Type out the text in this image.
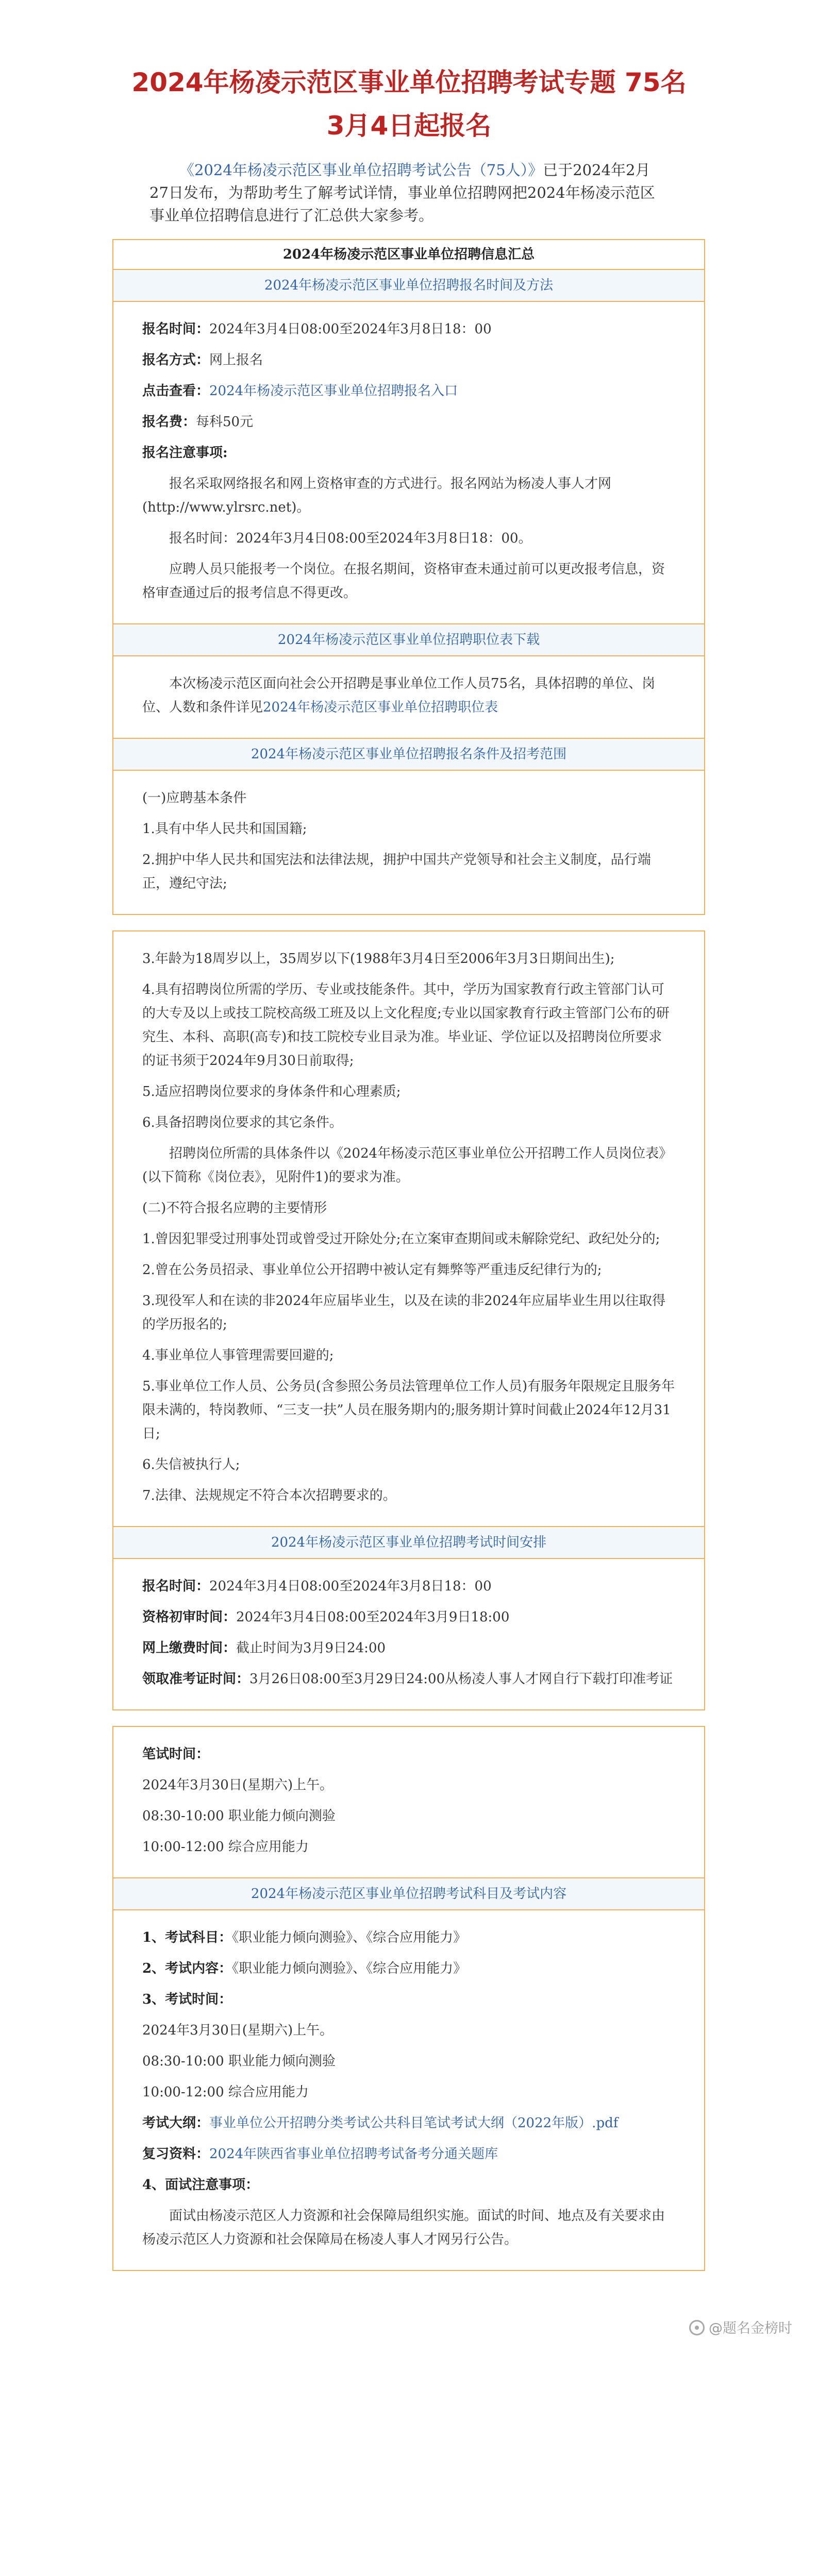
2024年杨凌示范区事业单位招聘考试专题 75名
3月4日起报名

《2024年杨凌示范区事业单位招聘考试公告（75人）》已于2024年2月27日发布，为帮助考生了解考试详情，事业单位招聘网把2024年杨凌示范区事业单位招聘信息进行了汇总供大家参考。

2024年杨凌示范区事业单位招聘信息汇总
2024年杨凌示范区事业单位招聘报名时间及方法

报名时间：2024年3月4日08:00至2024年3月8日18：00

报名方式：网上报名

点击查看：2024年杨凌示范区事业单位招聘报名入口

报名费：每科50元

报名注意事项:

报名采取网络报名和网上资格审查的方式进行。报名网站为杨凌人事人才网(http://www.ylrsrc.net)。

报名时间：2024年3月4日08:00至2024年3月8日18：00。

应聘人员只能报考一个岗位。在报名期间，资格审查未通过前可以更改报考信息，资格审查通过后的报考信息不得更改。

2024年杨凌示范区事业单位招聘职位表下载

本次杨凌示范区面向社会公开招聘是事业单位工作人员75名，具体招聘的单位、岗位、人数和条件详见2024年杨凌示范区事业单位招聘职位表

2024年杨凌示范区事业单位招聘报名条件及招考范围

(一)应聘基本条件

1.具有中华人民共和国国籍;

2.拥护中华人民共和国宪法和法律法规，拥护中国共产党领导和社会主义制度，品行端正，遵纪守法;

3.年龄为18周岁以上，35周岁以下(1988年3月4日至2006年3月3日期间出生);

4.具有招聘岗位所需的学历、专业或技能条件。其中，学历为国家教育行政主管部门认可的大专及以上或技工院校高级工班及以上文化程度;专业以国家教育行政主管部门公布的研究生、本科、高职(高专)和技工院校专业目录为准。毕业证、学位证以及招聘岗位所要求的证书须于2024年9月30日前取得;

5.适应招聘岗位要求的身体条件和心理素质;

6.具备招聘岗位要求的其它条件。

招聘岗位所需的具体条件以《2024年杨凌示范区事业单位公开招聘工作人员岗位表》(以下简称《岗位表》，见附件1)的要求为准。

(二)不符合报名应聘的主要情形

1.曾因犯罪受过刑事处罚或曾受过开除处分;在立案审查期间或未解除党纪、政纪处分的;

2.曾在公务员招录、事业单位公开招聘中被认定有舞弊等严重违反纪律行为的;

3.现役军人和在读的非2024年应届毕业生，以及在读的非2024年应届毕业生用以往取得的学历报名的;

4.事业单位人事管理需要回避的;

5.事业单位工作人员、公务员(含参照公务员法管理单位工作人员)有服务年限规定且服务年限未满的，特岗教师、“三支一扶”人员在服务期内的;服务期计算时间截止2024年12月31日;

6.失信被执行人;

7.法律、法规规定不符合本次招聘要求的。

2024年杨凌示范区事业单位招聘考试时间安排

报名时间：2024年3月4日08:00至2024年3月8日18：00

资格初审时间：2024年3月4日08:00至2024年3月9日18:00

网上缴费时间：截止时间为3月9日24:00

领取准考证时间：3月26日08:00至3月29日24:00从杨凌人事人才网自行下载打印准考证

笔试时间：

2024年3月30日(星期六)上午。

08:30-10:00 职业能力倾向测验

10:00-12:00 综合应用能力

2024年杨凌示范区事业单位招聘考试科目及考试内容

1、考试科目：《职业能力倾向测验》、《综合应用能力》

2、考试内容：《职业能力倾向测验》、《综合应用能力》

3、考试时间：

2024年3月30日(星期六)上午。

08:30-10:00 职业能力倾向测验

10:00-12:00 综合应用能力

考试大纲：事业单位公开招聘分类考试公共科目笔试考试大纲（2022年版）.pdf

复习资料：2024年陕西省事业单位招聘考试备考分通关题库

4、面试注意事项：

面试由杨凌示范区人力资源和社会保障局组织实施。面试的时间、地点及有关要求由杨凌示范区人力资源和社会保障局在杨凌人事人才网另行公告。

@题名金榜时
